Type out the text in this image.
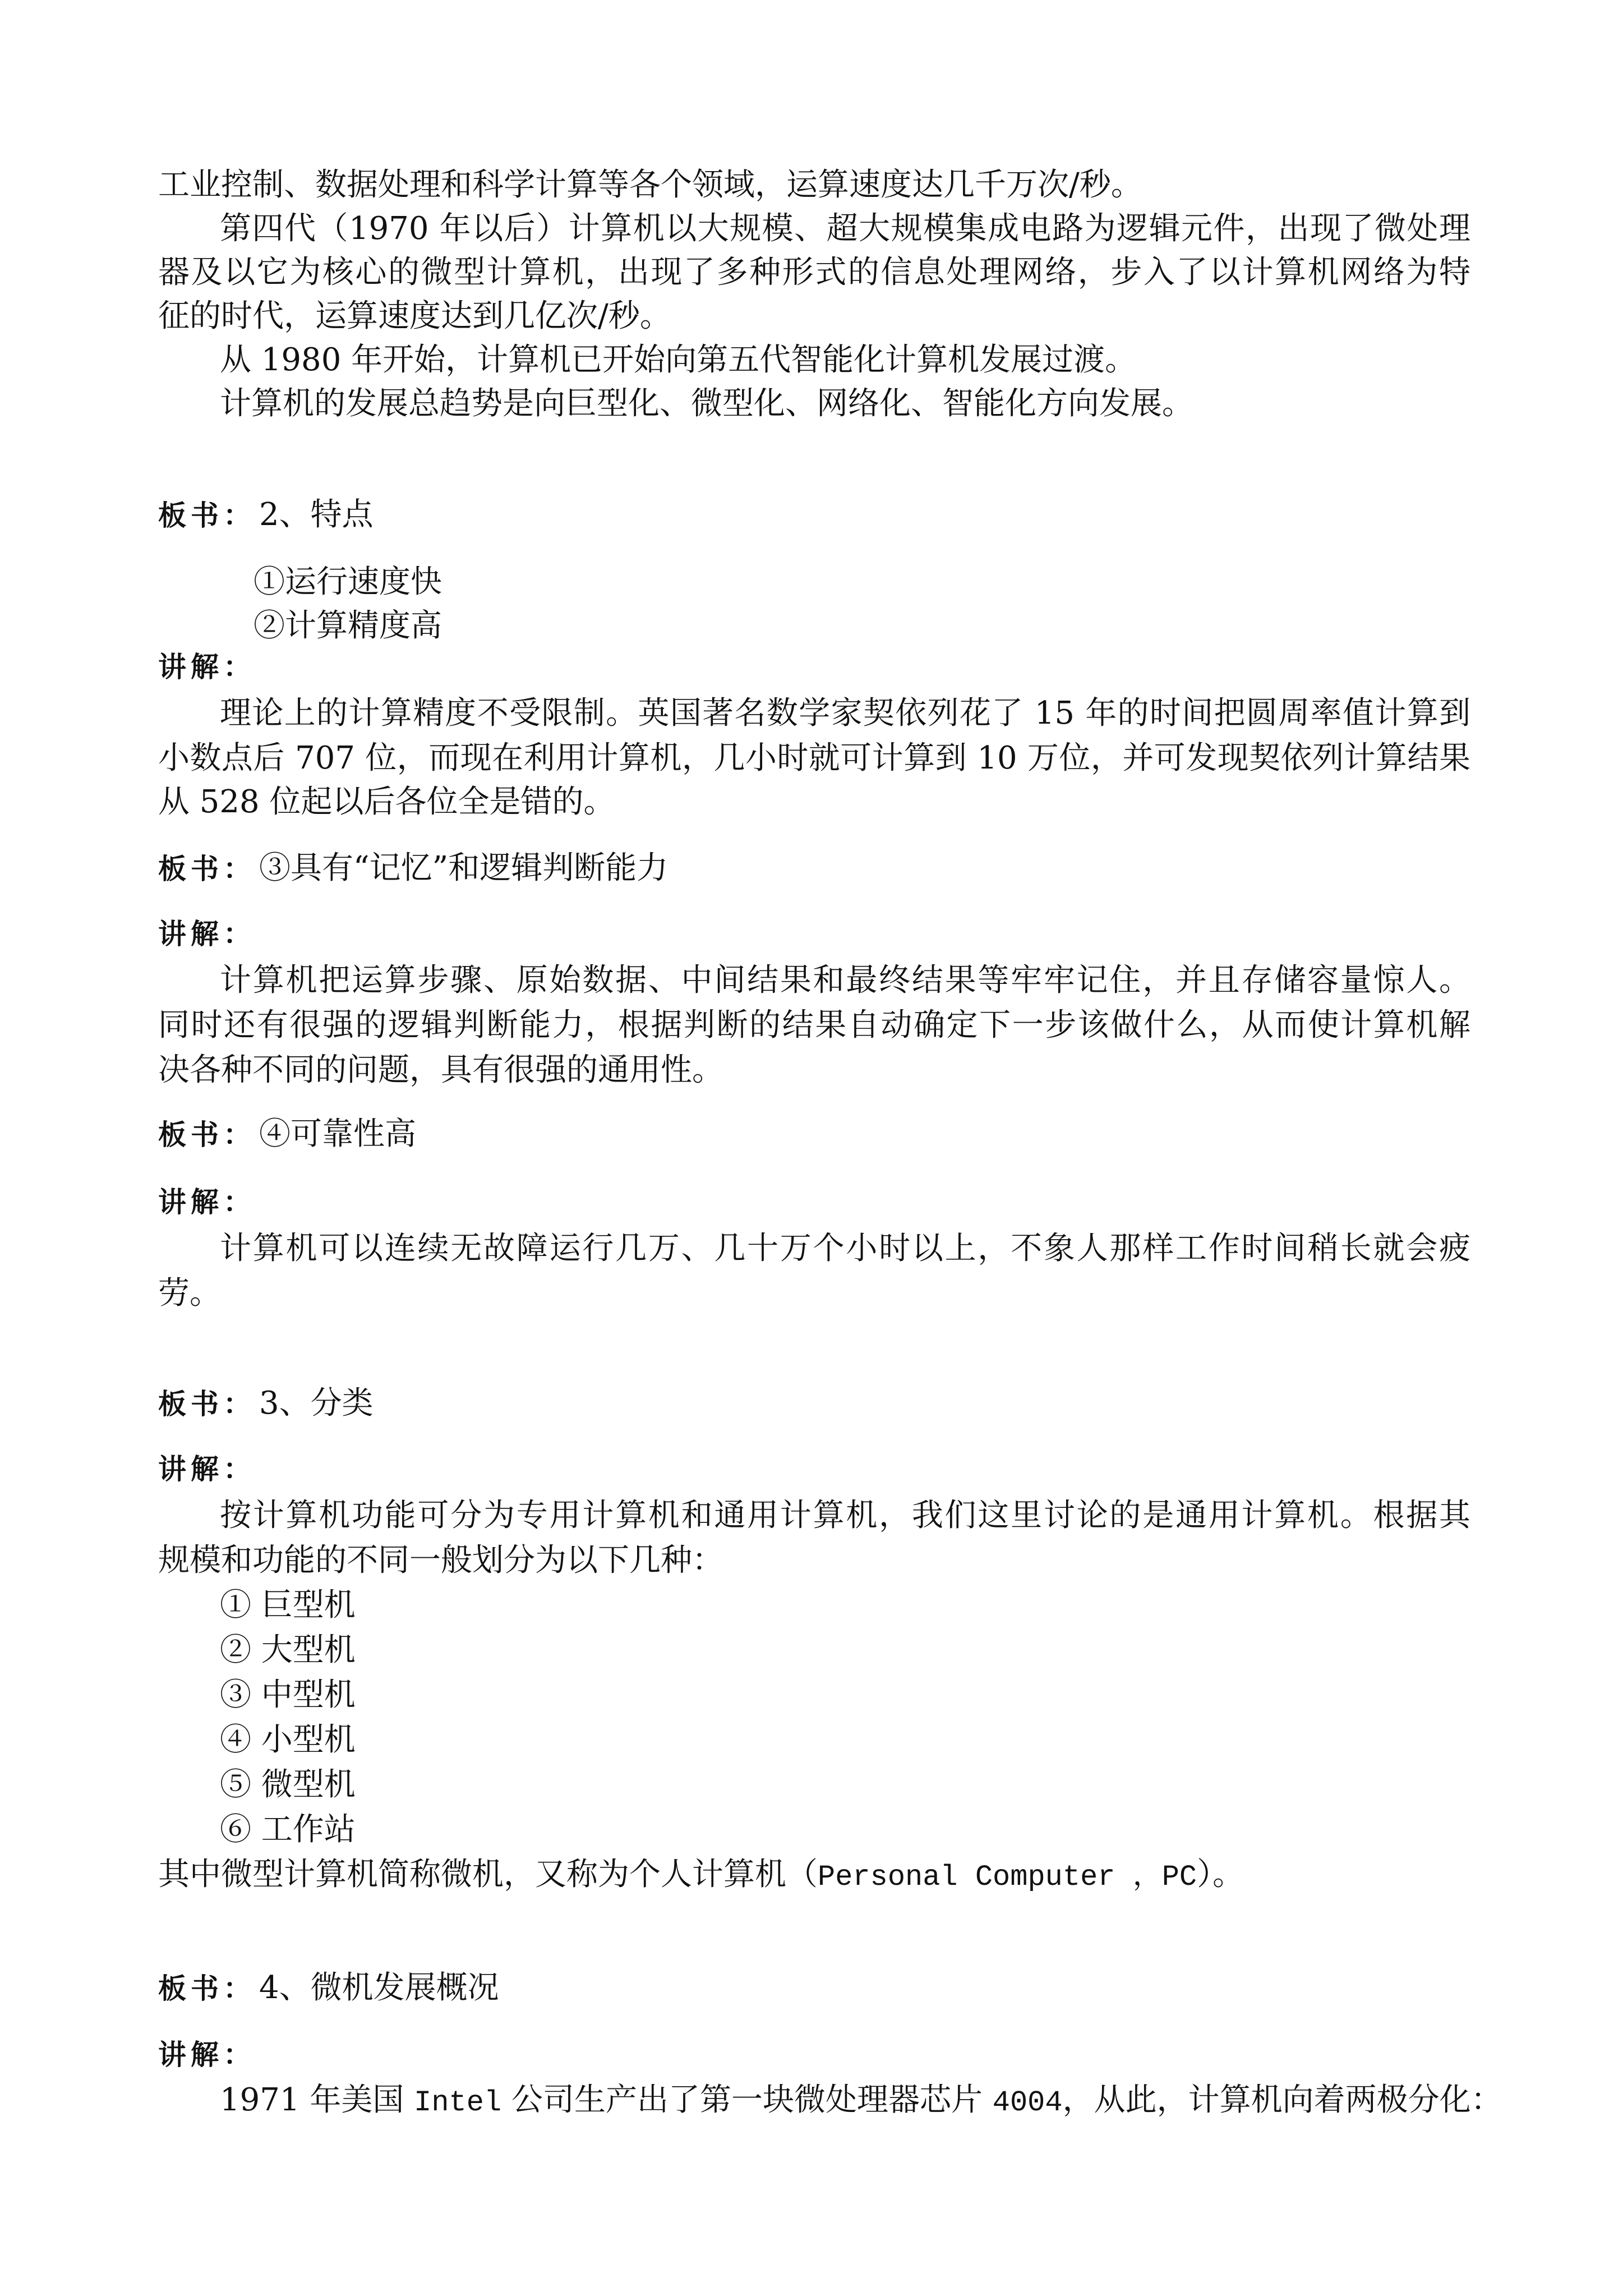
工业控制、数据处理和科学计算等各个领域，运算速度达几千万次/秒。
第四代（1970 年以后）计算机以大规模、超大规模集成电路为逻辑元件，出现了微处理
器及以它为核心的微型计算机，出现了多种形式的信息处理网络，步入了以计算机网络为特
征的时代，运算速度达到几亿次/秒。
从 1980 年开始，计算机已开始向第五代智能化计算机发展过渡。
计算机的发展总趋势是向巨型化、微型化、网络化、智能化方向发展。
板书： 2、特点
①运行速度快
②计算精度高
讲解：
理论上的计算精度不受限制。英国著名数学家契依列花了 15 年的时间把圆周率值计算到
小数点后 707 位，而现在利用计算机，几小时就可计算到 10 万位，并可发现契依列计算结果
从 528 位起以后各位全是错的。
板书： ③具有“记忆”和逻辑判断能力
讲解：
计算机把运算步骤、原始数据、中间结果和最终结果等牢牢记住，并且存储容量惊人。
同时还有很强的逻辑判断能力，根据判断的结果自动确定下一步该做什么，从而使计算机解
决各种不同的问题，具有很强的通用性。
板书： ④可靠性高
讲解：
计算机可以连续无故障运行几万、几十万个小时以上，不象人那样工作时间稍长就会疲
劳。
板书： 3、分类
讲解：
按计算机功能可分为专用计算机和通用计算机，我们这里讨论的是通用计算机。根据其
规模和功能的不同一般划分为以下几种：
① 巨型机
② 大型机
③ 中型机
④ 小型机
⑤ 微型机
⑥ 工作站
其中微型计算机简称微机，又称为个人计算机（Personal Computer ，PC）。
板书： 4、微机发展概况
讲解：
1971 年美国 Intel 公司生产出了第一块微处理器芯片 4004，从此，计算机向着两极分化：
